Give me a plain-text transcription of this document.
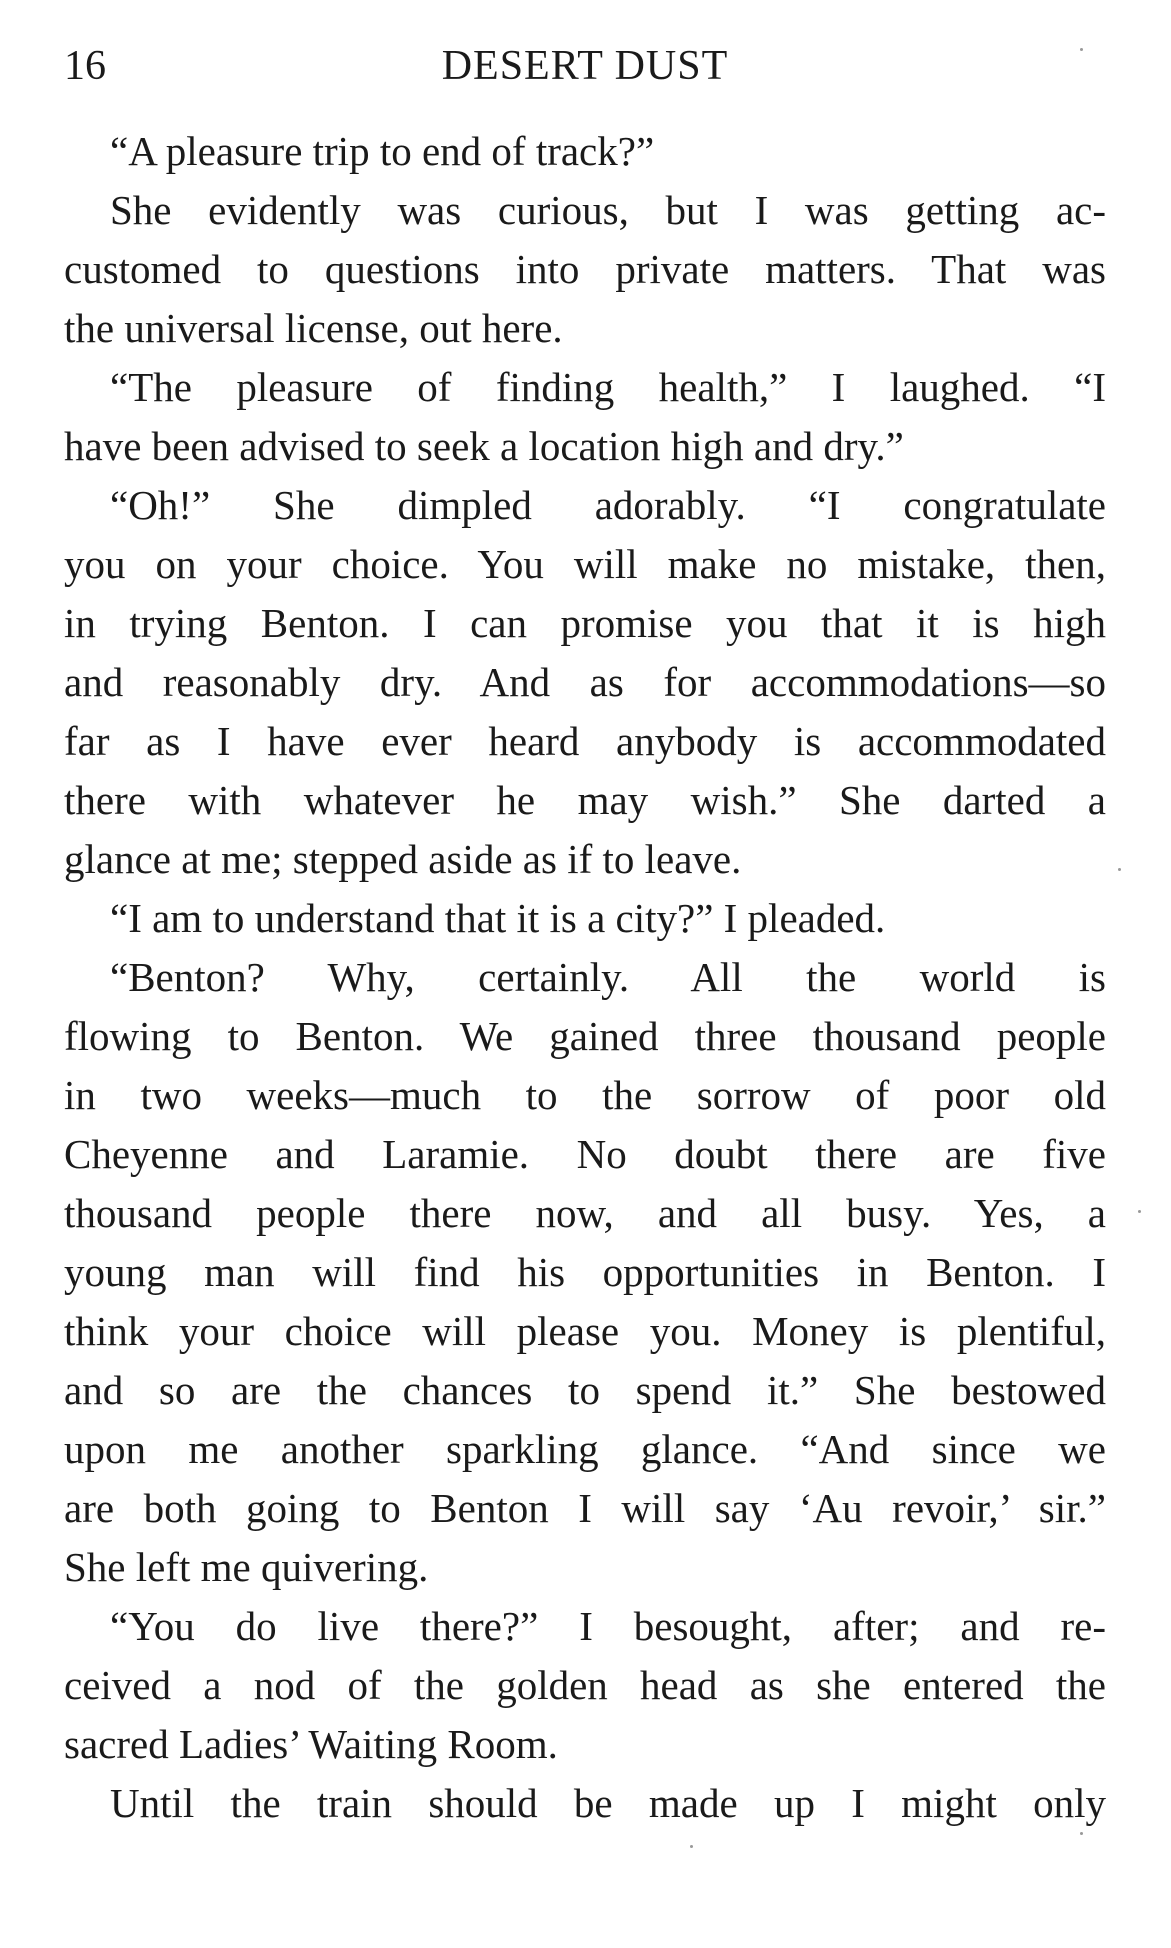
16	DESERT DUST
“A pleasure trip to end of track?”
She evidently was curious, but I was getting ac-
customed to questions into private matters. That was
the universal license, out here.
“The pleasure of finding health,” I laughed. “I
have been advised to seek a location high and dry.”
“Oh!” She dimpled adorably. “I congratulate
you on your choice. You will make no mistake, then,
in trying Benton. I can promise you that it is high
and reasonably dry. And as for accommodations—so
far as I have ever heard anybody is accommodated
there with whatever he may wish.” She darted a
glance at me; stepped aside as if to leave.
“I am to understand that it is a city?” I pleaded.
“Benton? Why, certainly. All the world is
flowing to Benton. We gained three thousand people
in two weeks—much to the sorrow of poor old
Cheyenne and Laramie. No doubt there are five
thousand people there now, and all busy. Yes, a
young man will find his opportunities in Benton. I
think your choice will please you. Money is plentiful,
and so are the chances to spend it.” She bestowed
upon me another sparkling glance. “And since we
are both going to Benton I will say ‘Au revoir,’ sir.”
She left me quivering.
“You do live there?” I besought, after; and re-
ceived a nod of the golden head as she entered the
sacred Ladies’ Waiting Room.
Until the train should be made up I might only
